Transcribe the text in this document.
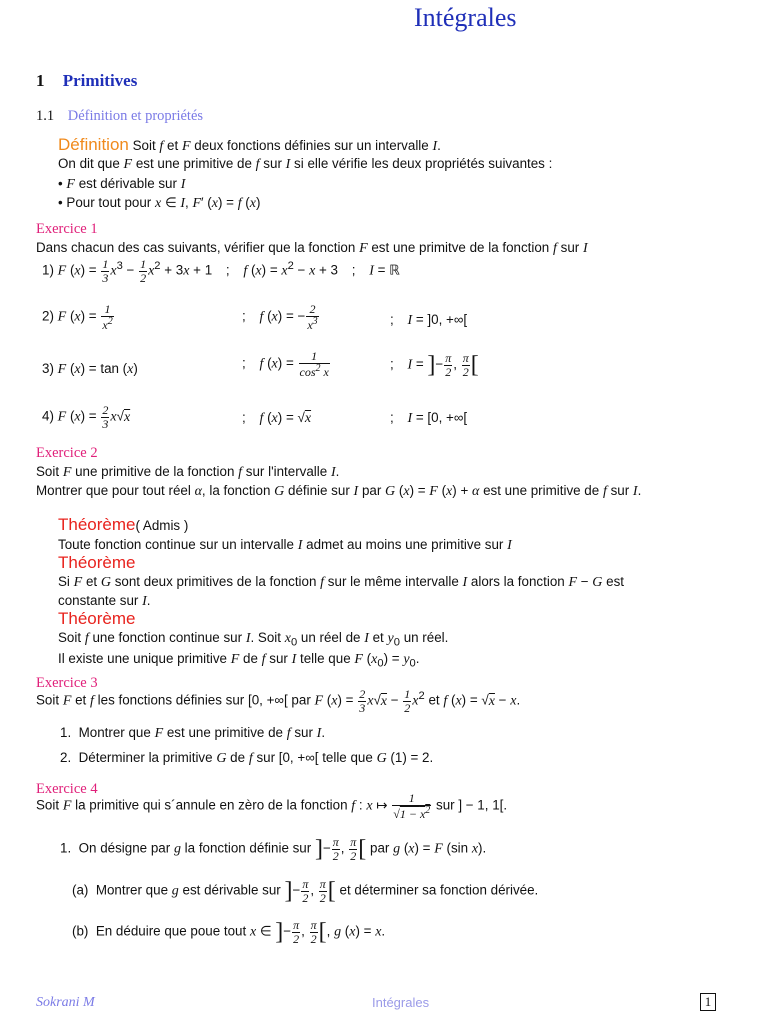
Intégrales
1 Primitives
1.1 Définition et propriétés
Définition Soit f et F deux fonctions définies sur un intervalle I.
On dit que F est une primitive de f sur I si elle vérifie les deux propriétés suivantes :
• F est dérivable sur I
• Pour tout pour x ∈ I, F′ (x) = f (x)
Exercice 1
Dans chacun des cas suivants, vérifier que la fonction F est une primitve de la fonction f sur I
1) F $(x) = \frac{1}{3} x^3 - \frac{1}{2} x^2 + 3x + 1$ ; f $(x) = x^2 - x + 3$ ; I = ℝ
2) F $(x) = \frac{1}{x^2}$	; f (x) = − $\frac{2}{x^3}$	; I = ]0, +∞[
3) F (x) = tan (x)	; f $(x) = \frac{1}{\cos^2 x}$	; I = ]− $\frac{\pi}{2}$ , $\frac{\pi}{2}$ [
4) F $(x) = \frac{2}{3} x√x$	; f (x) = √x	; I = [0, +∞[
Exercice 2
Soit F une primitive de la fonction f sur l'intervalle I.
Montrer que pour tout réel α, la fonction G définie sur I par G (x) = F (x) + α est une primitive de f sur I.
Théorème( Admis )
Toute fonction continue sur un intervalle I admet au moins une primitive sur I
Théorème
Si F et G sont deux primitives de la fonction f sur le même intervalle I alors la fonction F − G est
constante sur I.
Théorème
Soit f une fonction continue sur I. Soit $x_0$ un réel de I et $y_0$ un réel.
Il existe une unique primitive F de f sur I telle que F $(x_0) = y_0$.
Exercice 3
Soit F et f les fonctions définies sur [0, +∞[ par F $(x) = \frac{2}{3} x√x - \frac{1}{2} x^2$ et f (x) = √x − x.
1. Montrer que F est une primitive de f sur I.
2. Déterminer la primitive G de f sur [0, +∞[ telle que G (1) = 2.
Exercice 4
Soit F la primitive qui s´annule en zèro de la fonction f : x ↦ $\frac{1}{√1 - x^2}$ sur ] − 1, 1[.
1. On désigne par g la fonction définie sur ]− $\frac{\pi}{2}$ , $\frac{\pi}{2}$ [ par g (x) = F (sin x).
(a) Montrer que g est dérivable sur ]− $\frac{\pi}{2}$ , $\frac{\pi}{2}$ [ et déterminer sa fonction dérivée.
(b) En déduire que poue tout x ∈ ]− $\frac{\pi}{2}$ , $\frac{\pi}{2}$ [, g (x) = x.
Sokrani M	Intégrales	1
